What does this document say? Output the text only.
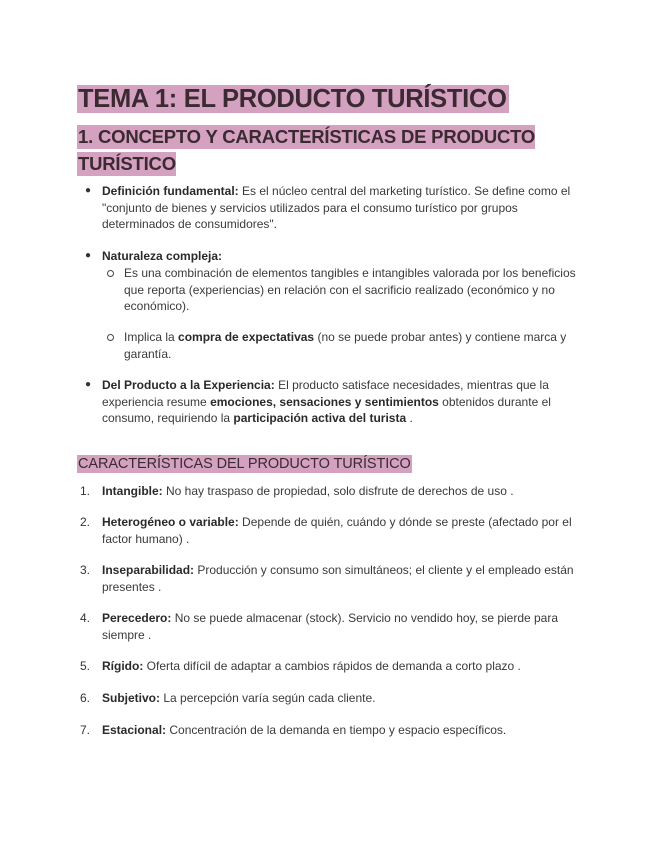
TEMA 1: EL PRODUCTO TURÍSTICO
1. CONCEPTO Y CARACTERÍSTICAS DE PRODUCTO TURÍSTICO
● Definición fundamental: Es el núcleo central del marketing turístico. Se define como el "conjunto de bienes y servicios utilizados para el consumo turístico por grupos determinados de consumidores".
● Naturaleza compleja:
Es una combinación de elementos tangibles e intangibles valorada por los beneficios que reporta (experiencias) en relación con el sacrificio realizado (económico y no económico).
Implica la compra de expectativas (no se puede probar antes) y contiene marca y garantía.
● Del Producto a la Experiencia: El producto satisface necesidades, mientras que la experiencia resume emociones, sensaciones y sentimientos obtenidos durante el consumo, requiriendo la participación activa del turista .
CARACTERÍSTICAS DEL PRODUCTO TURÍSTICO
1. Intangible: No hay traspaso de propiedad, solo disfrute de derechos de uso .
2. Heterogéneo o variable: Depende de quién, cuándo y dónde se preste (afectado por el factor humano) .
3. Inseparabilidad: Producción y consumo son simultáneos; el cliente y el empleado están presentes .
4. Perecedero: No se puede almacenar (stock). Servicio no vendido hoy, se pierde para siempre .
5. Rígido: Oferta difícil de adaptar a cambios rápidos de demanda a corto plazo .
6. Subjetivo: La percepción varía según cada cliente.
7. Estacional: Concentración de la demanda en tiempo y espacio específicos.
